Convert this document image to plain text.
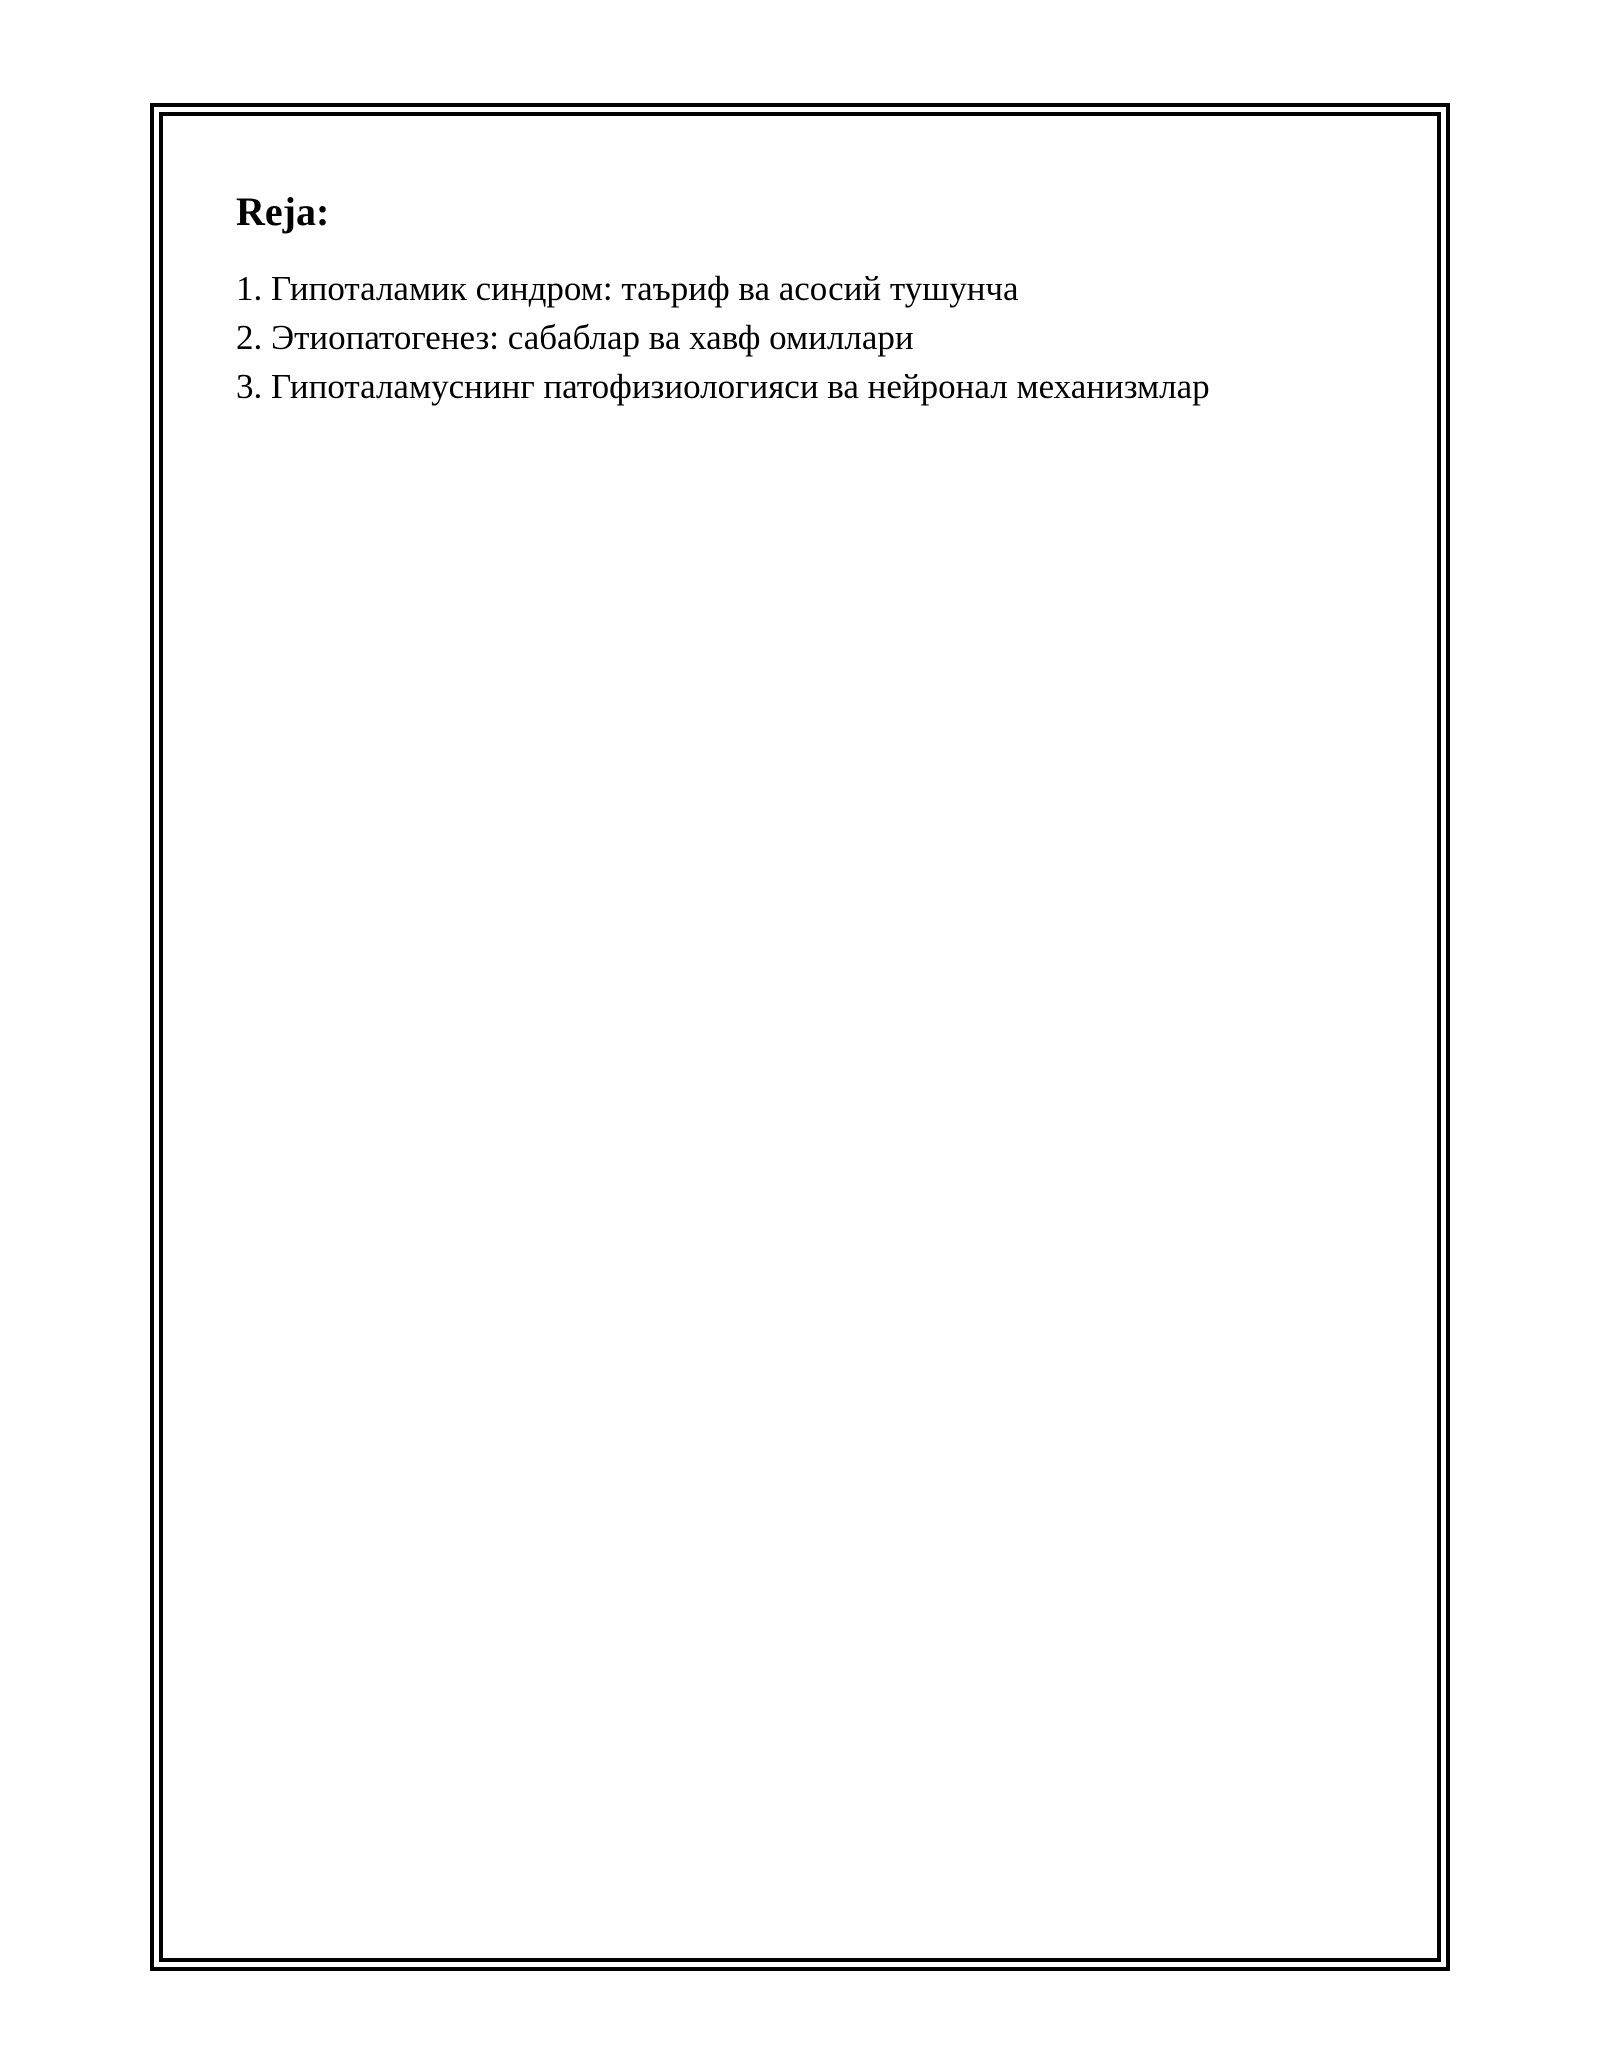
Reja:
1. Гипоталамик синдром: таъриф ва асосий тушунча
2. Этиопатогенез: сабаблар ва хавф омиллари
3. Гипоталамуснинг патофизиологияси ва нейронал механизмлар
